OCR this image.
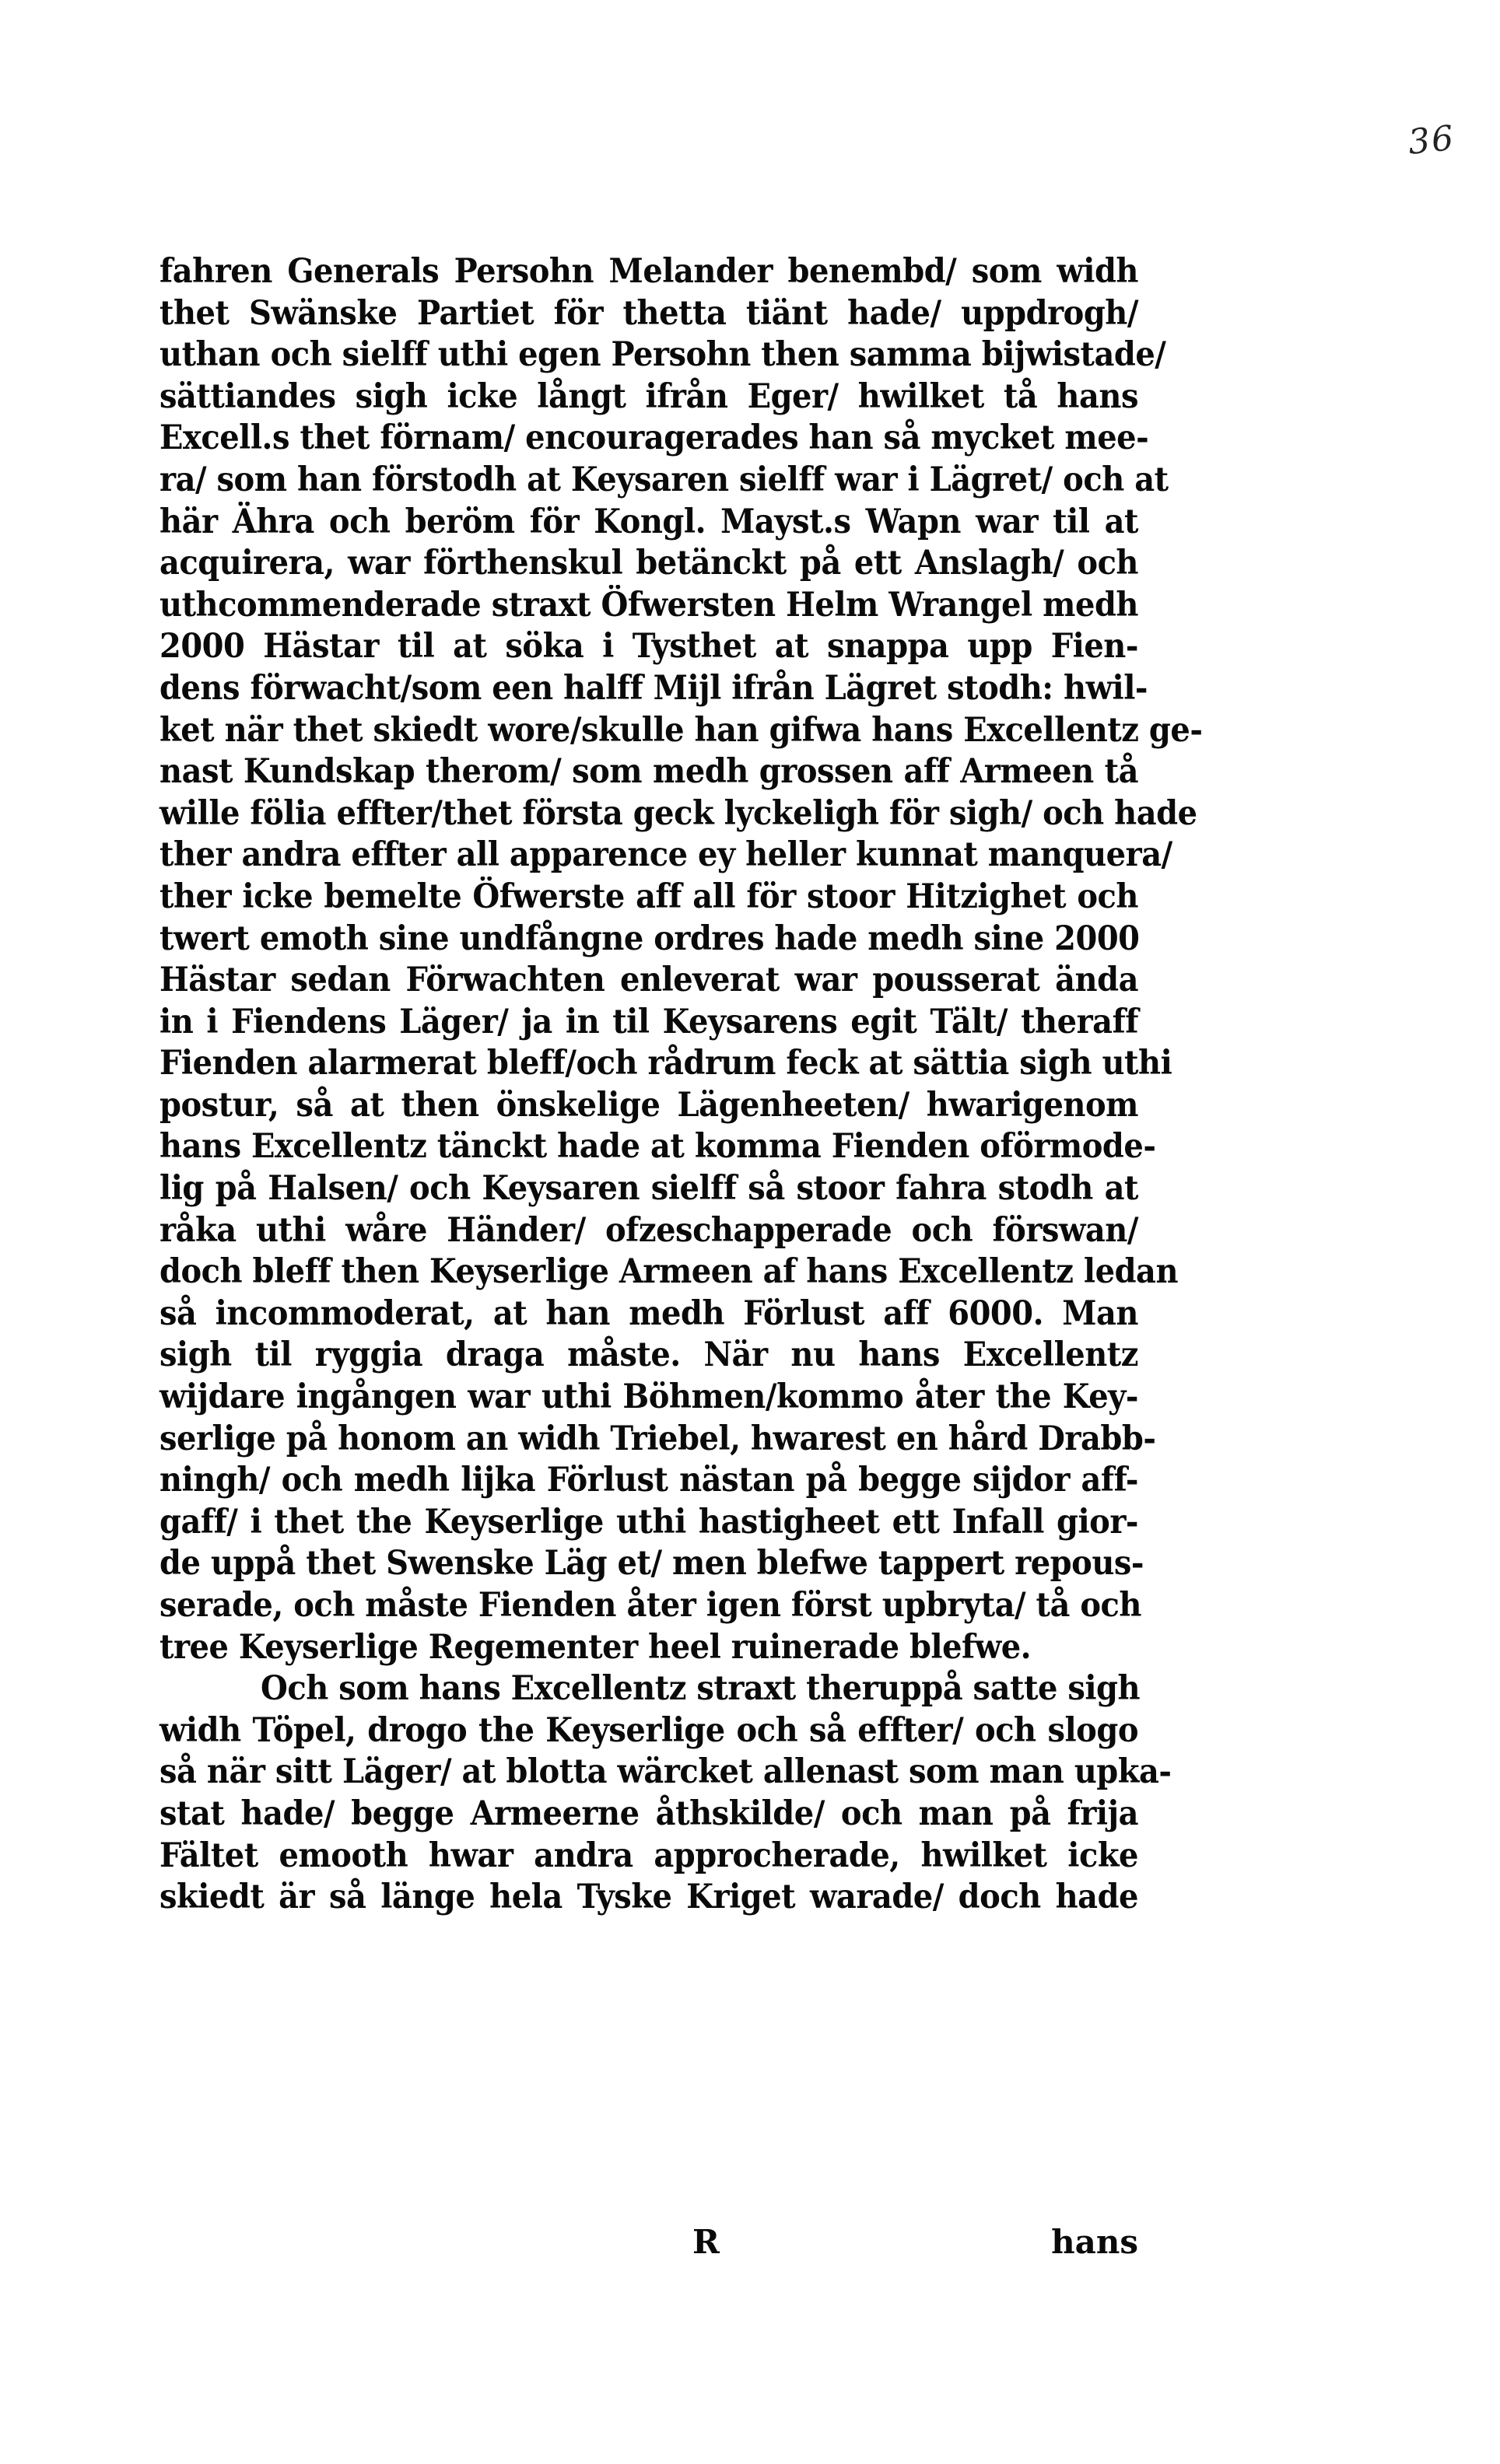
36
fahren Generals Persohn Melander benembd/ som widh
thet Swänske Partiet för thetta tiänt hade/ uppdrogh/
uthan och sielff uthi egen Persohn then samma bijwistade/
sättiandes sigh icke långt ifrån Eger/ hwilket tå hans
Excell.s thet förnam/ encouragerades han så mycket mee-
ra/ som han förstodh at Keysaren sielff war i Lägret/ och at
här Ähra och beröm för Kongl. Mayst.s Wapn war til at
acquirera, war förthenskul betänckt på ett Anslagh/ och
uthcommenderade straxt Öfwersten Helm Wrangel medh
2000 Hästar til at söka i Tysthet at snappa upp Fien-
dens förwacht/som een halff Mijl ifrån Lägret stodh: hwil-
ket när thet skiedt wore/skulle han gifwa hans Excellentz ge-
nast Kundskap therom/ som medh grossen aff Armeen tå
wille fölia effter/thet första geck lyckeligh för sigh/ och hade
ther andra effter all apparence ey heller kunnat manquera/
ther icke bemelte Öfwerste aff all för stoor Hitzighet och
twert emoth sine undfångne ordres hade medh sine 2000
Hästar sedan Förwachten enleverat war pousserat ända
in i Fiendens Läger/ ja in til Keysarens egit Tält/ theraff
Fienden alarmerat bleff/och rådrum feck at sättia sigh uthi
postur, så at then önskelige Lägenheeten/ hwarigenom
hans Excellentz tänckt hade at komma Fienden oförmode-
lig på Halsen/ och Keysaren sielff så stoor fahra stodh at
råka uthi wåre Händer/ ofzeschapperade och förswan/
doch bleff then Keyserlige Armeen af hans Excellentz ledan
så incommoderat, at han medh Förlust aff 6000. Man
sigh til ryggia draga måste. När nu hans Excellentz
wijdare ingången war uthi Böhmen/kommo åter the Key-
serlige på honom an widh Triebel, hwarest en hård Drabb-
ningh/ och medh lijka Förlust nästan på begge sijdor aff-
gaff/ i thet the Keyserlige uthi hastigheet ett Infall gior-
de uppå thet Swenske Läg et/ men blefwe tappert repous-
serade, och måste Fienden åter igen först upbryta/ tå och
tree Keyserlige Regementer heel ruinerade blefwe.
Och som hans Excellentz straxt theruppå satte sigh
widh Töpel, drogo the Keyserlige och så effter/ och slogo
så när sitt Läger/ at blotta wärcket allenast som man upka-
stat hade/ begge Armeerne åthskilde/ och man på frija
Fältet emooth hwar andra approcherade, hwilket icke
skiedt är så länge hela Tyske Kriget warade/ doch hade
R	hans
